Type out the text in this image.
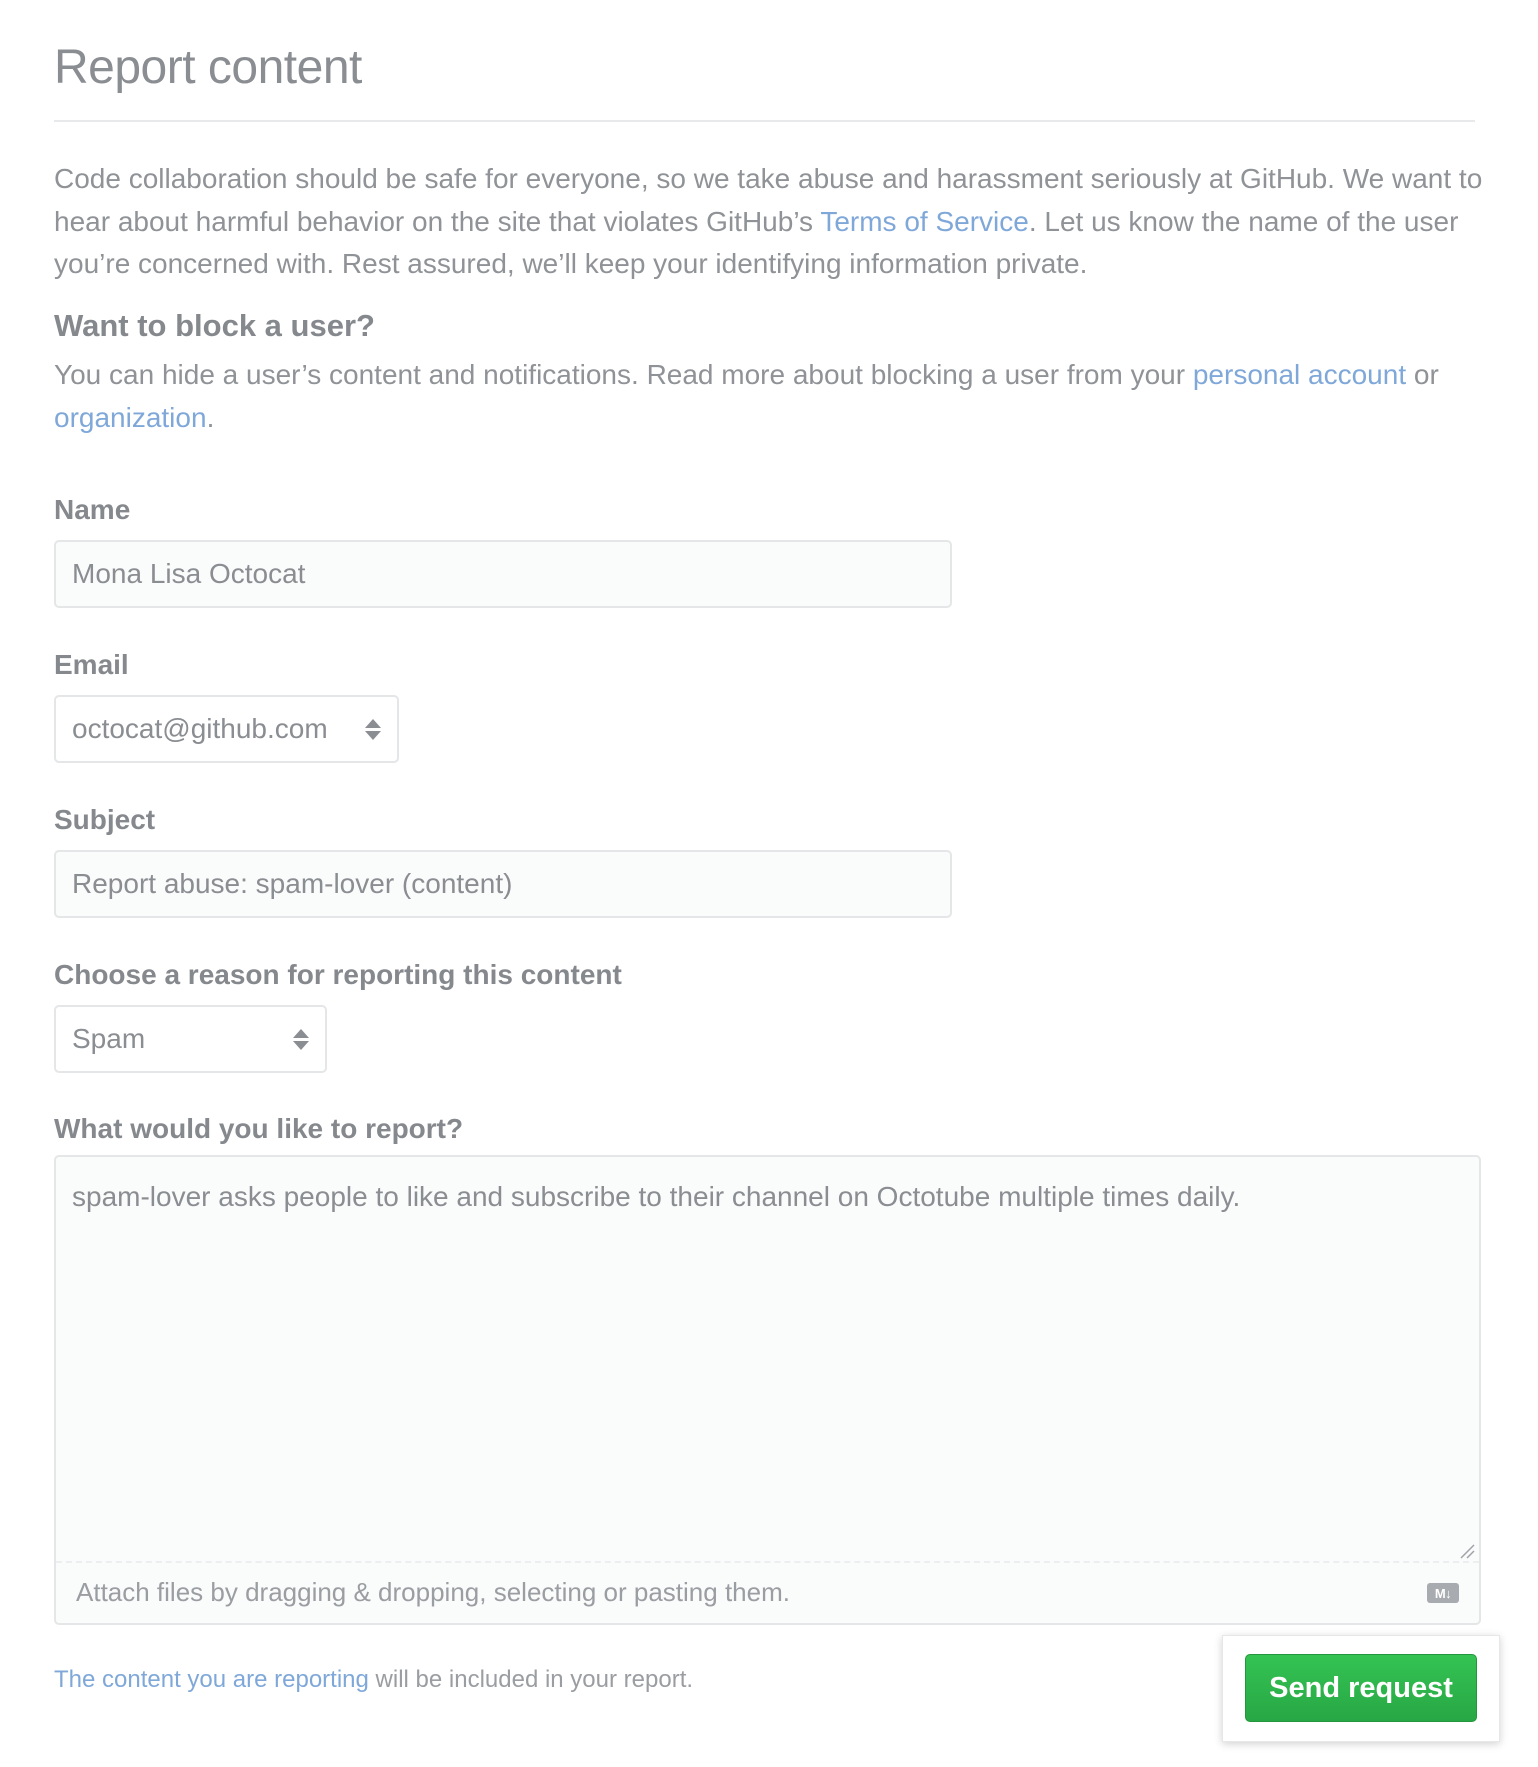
Report content

Code collaboration should be safe for everyone, so we take abuse and harassment seriously at GitHub. We want to hear about harmful behavior on the site that violates GitHub’s Terms of Service. Let us know the name of the user you’re concerned with. Rest assured, we’ll keep your identifying information private.

Want to block a user?

You can hide a user’s content and notifications. Read more about blocking a user from your personal account or organization.

Name
Mona Lisa Octocat
Email
octocat@github.com
Subject
Report abuse: spam-lover (content)
Choose a reason for reporting this content
Spam
What would you like to report?
spam-lover asks people to like and subscribe to their channel on Octotube multiple times daily.
Attach files by dragging & dropping, selecting or pasting them.	M↓

The content you are reporting will be included in your report.	Send request
